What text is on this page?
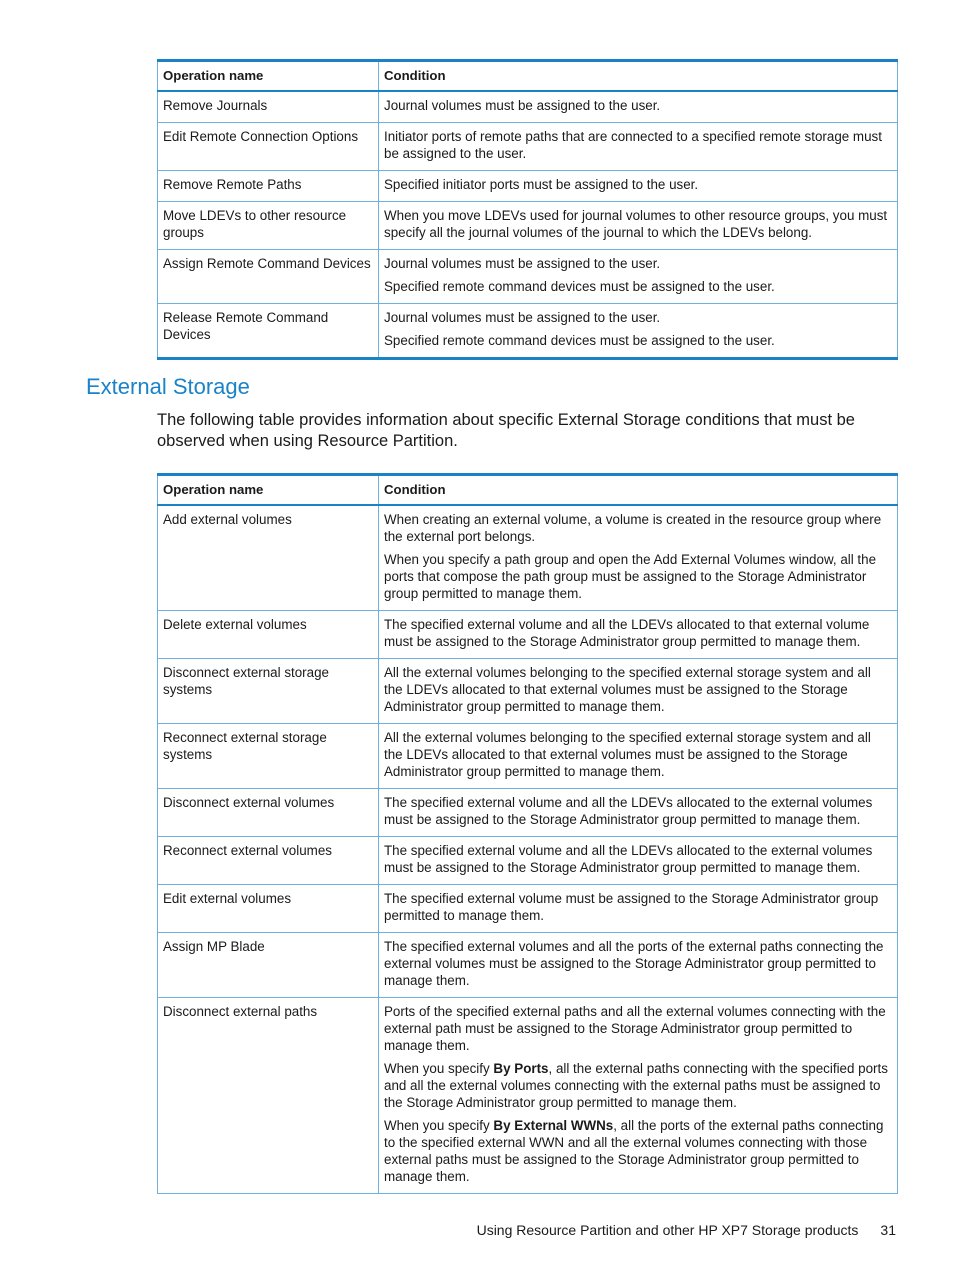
Operation name	Condition
Remove Journals	Journal volumes must be assigned to the user.

Edit Remote Connection Options	Initiator ports of remote paths that are connected to a specified remote storage must be assigned to the user.

Remove Remote Paths	Specified initiator ports must be assigned to the user.

Move LDEVs to other resource groups	When you move LDEVs used for journal volumes to other resource groups, you must specify all the journal volumes of the journal to which the LDEVs belong.

Assign Remote Command Devices	Journal volumes must be assigned to the user.

Specified remote command devices must be assigned to the user.

Release Remote Command Devices	Journal volumes must be assigned to the user.

Specified remote command devices must be assigned to the user.

External Storage

The following table provides information about specific External Storage conditions that must be observed when using Resource Partition.

Operation name	Condition
Add external volumes	When creating an external volume, a volume is created in the resource group where the external port belongs.

When you specify a path group and open the Add External Volumes window, all the ports that compose the path group must be assigned to the Storage Administrator group permitted to manage them.

Delete external volumes	The specified external volume and all the LDEVs allocated to that external volume must be assigned to the Storage Administrator group permitted to manage them.

Disconnect external storage systems	All the external volumes belonging to the specified external storage system and all the LDEVs allocated to that external volumes must be assigned to the Storage Administrator group permitted to manage them.

Reconnect external storage systems	All the external volumes belonging to the specified external storage system and all the LDEVs allocated to that external volumes must be assigned to the Storage Administrator group permitted to manage them.

Disconnect external volumes	The specified external volume and all the LDEVs allocated to the external volumes must be assigned to the Storage Administrator group permitted to manage them.

Reconnect external volumes	The specified external volume and all the LDEVs allocated to the external volumes must be assigned to the Storage Administrator group permitted to manage them.

Edit external volumes	The specified external volume must be assigned to the Storage Administrator group permitted to manage them.

Assign MP Blade	The specified external volumes and all the ports of the external paths connecting the external volumes must be assigned to the Storage Administrator group permitted to manage them.

Disconnect external paths	Ports of the specified external paths and all the external volumes connecting with the external path must be assigned to the Storage Administrator group permitted to manage them.

When you specify By Ports, all the external paths connecting with the specified ports and all the external volumes connecting with the external paths must be assigned to the Storage Administrator group permitted to manage them.

When you specify By External WWNs, all the ports of the external paths connecting to the specified external WWN and all the external volumes connecting with those external paths must be assigned to the Storage Administrator group permitted to manage them.

Using Resource Partition and other HP XP7 Storage products 31
